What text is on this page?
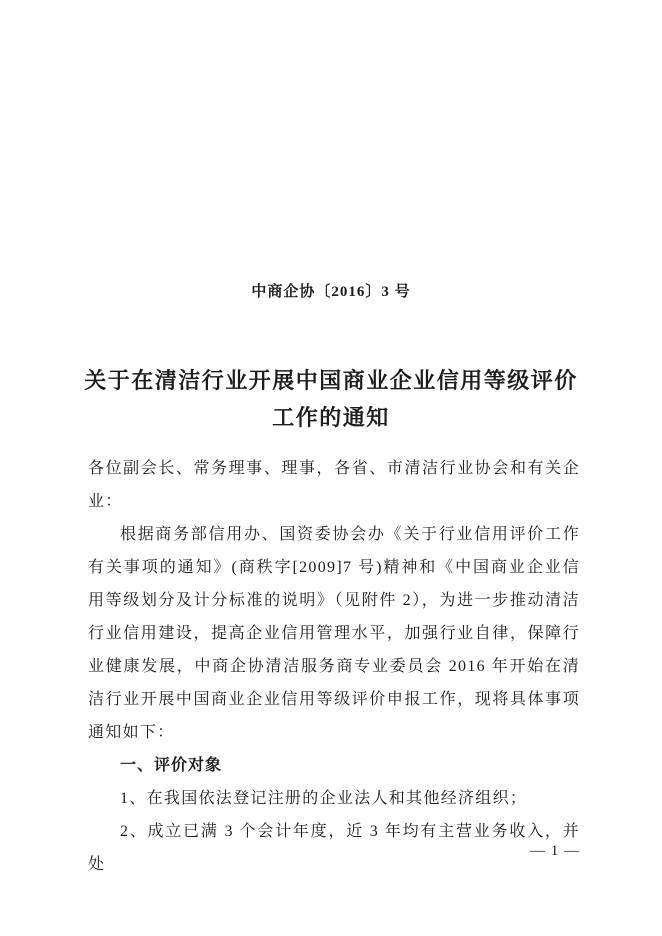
中商企协〔2016〕3 号
关于在清洁行业开展中国商业企业信用等级评价
工作的通知

各位副会长、常务理事、理事，各省、市清洁行业协会和有关企业：

根据商务部信用办、国资委协会办《关于行业信用评价工作有关事项的通知》(商秩字[2009]7 号)精神和《中国商业企业信用等级划分及计分标准的说明》（见附件 2），为进一步推动清洁行业信用建设，提高企业信用管理水平，加强行业自律，保障行业健康发展，中商企协清洁服务商专业委员会 2016 年开始在清洁行业开展中国商业企业信用等级评价申报工作，现将具体事项通知如下：

一、评价对象

1、在我国依法登记注册的企业法人和其他经济组织；

2、成立已满 3 个会计年度，近 3 年均有主营业务收入，并处

— 1 —
